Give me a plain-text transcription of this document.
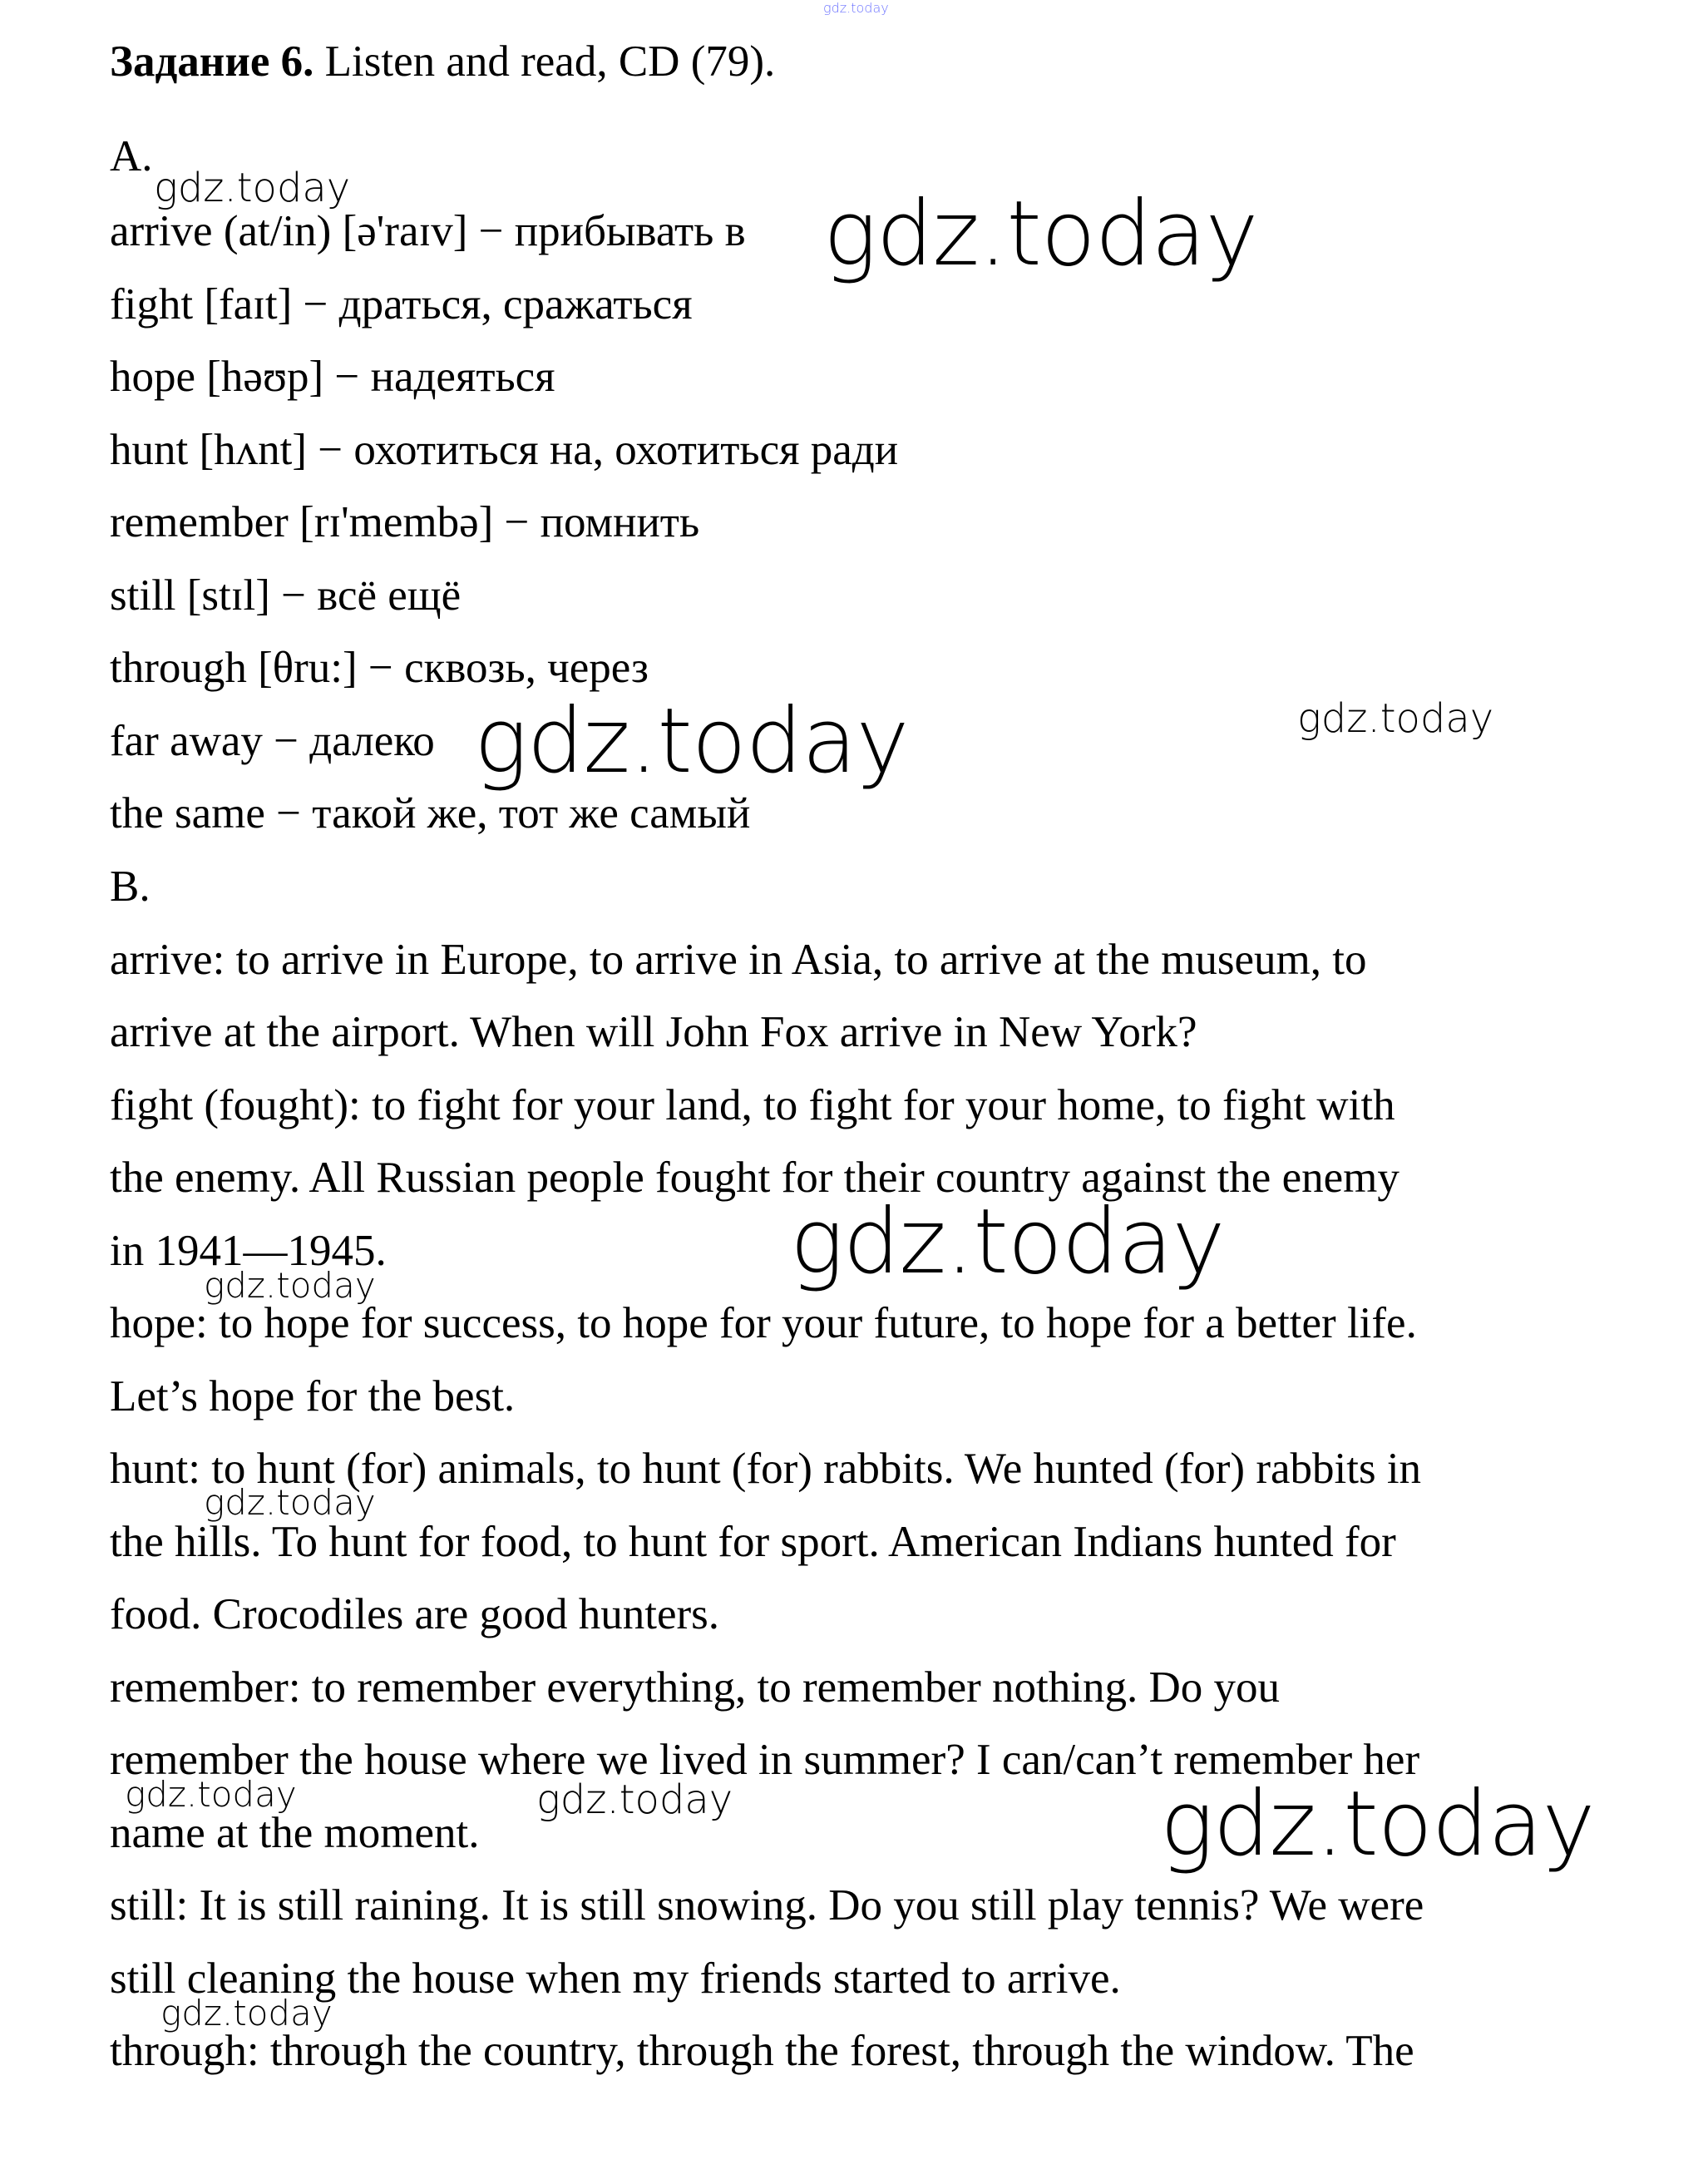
gdz.today
Задание 6. Listen and read, CD (79).
A.
gdz.today
arrive (at/in) [ə'raɪv] − прибывать в gdz.today
fight [faɪt] − драться, сражаться
hope [həʊp] − надеяться
hunt [hʌnt] − охотиться на, охотиться ради
remember [rɪ'membə] − помнить
still [stɪl] − всё ещё
through [θru:] − сквозь, через
far away − далеко gdz.today	gdz.today
the same − такой же, тот же самый
B.
arrive: to arrive in Europe, to arrive in Asia, to arrive at the museum, to
arrive at the airport. When will John Fox arrive in New York?
fight (fought): to fight for your land, to fight for your home, to fight with
the enemy. All Russian people fought for their country against the enemy
in 1941—1945.	gdz.today
gdz.today
hope: to hope for success, to hope for your future, to hope for a better life.
Let’s hope for the best.
hunt: to hunt (for) animals, to hunt (for) rabbits. We hunted (for) rabbits in
gdz.today
the hills. To hunt for food, to hunt for sport. American Indians hunted for
food. Crocodiles are good hunters.
remember: to remember everything, to remember nothing. Do you
remember the house where we lived in summer? I can/can’t remember her
gdz.today	gdz.today
name at the moment.	gdz.today
still: It is still raining. It is still snowing. Do you still play tennis? We were
still cleaning the house when my friends started to arrive.
gdz.today
through: through the country, through the forest, through the window. The
